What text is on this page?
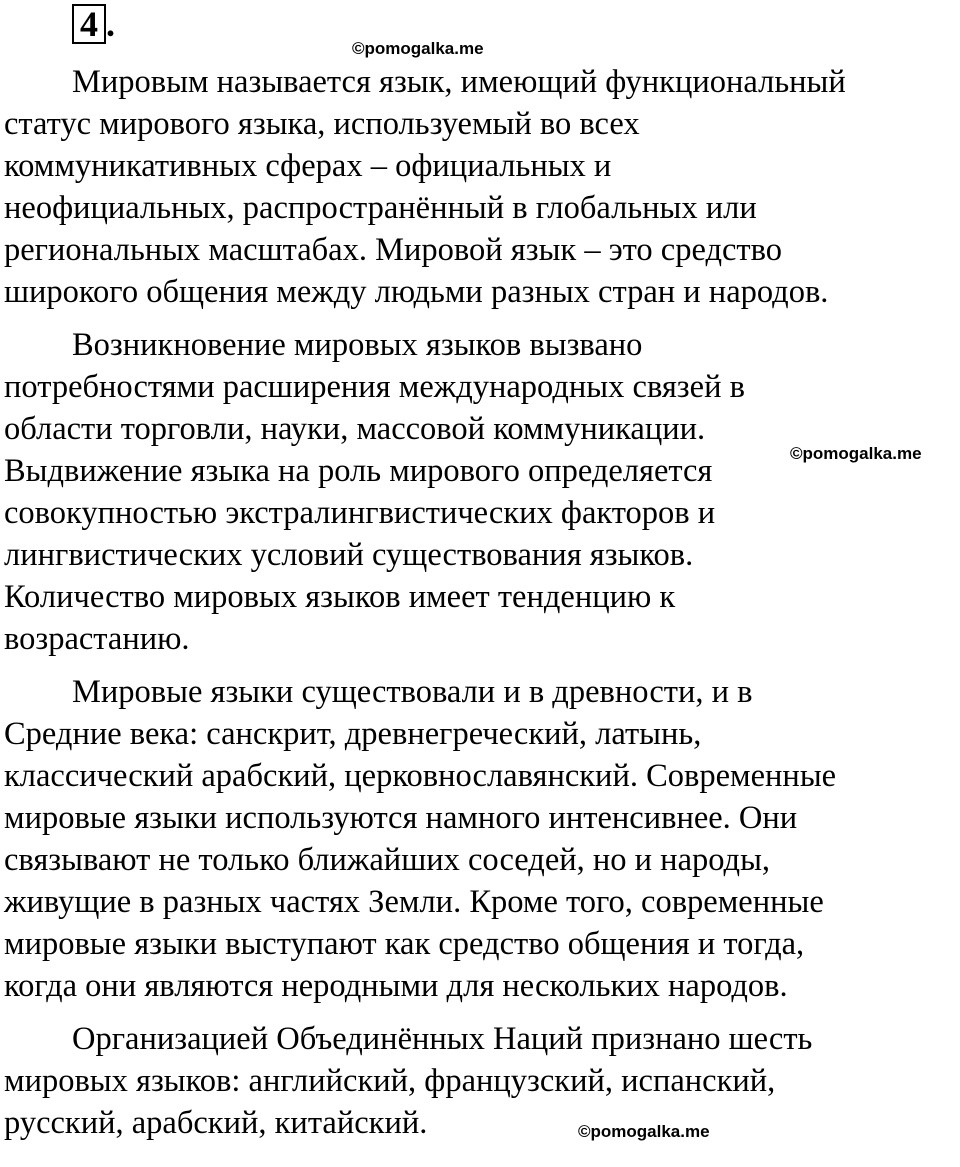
4 .
©pomogalka.me

Мировым называется язык, имеющий функциональный
статус мирового языка, используемый во всех
коммуникативных сферах – официальных и
неофициальных, распространённый в глобальных или
региональных масштабах. Мировой язык – это средство
широкого общения между людьми разных стран и народов.

Возникновение мировых языков вызвано
потребностями расширения международных связей в
области торговли, науки, массовой коммуникации.
Выдвижение языка на роль мирового определяется
совокупностью экстралингвистических факторов и
лингвистических условий существования языков.
Количество мировых языков имеет тенденцию к
возрастанию.

Мировые языки существовали и в древности, и в
Средние века: санскрит, древнегреческий, латынь,
классический арабский, церковнославянский. Современные
мировые языки используются намного интенсивнее. Они
связывают не только ближайших соседей, но и народы,
живущие в разных частях Земли. Кроме того, современные
мировые языки выступают как средство общения и тогда,
когда они являются неродными для нескольких народов.

Организацией Объединённых Наций признано шесть
мировых языков: английский, французский, испанский,
русский, арабский, китайский.

©pomogalka.me
©pomogalka.me
